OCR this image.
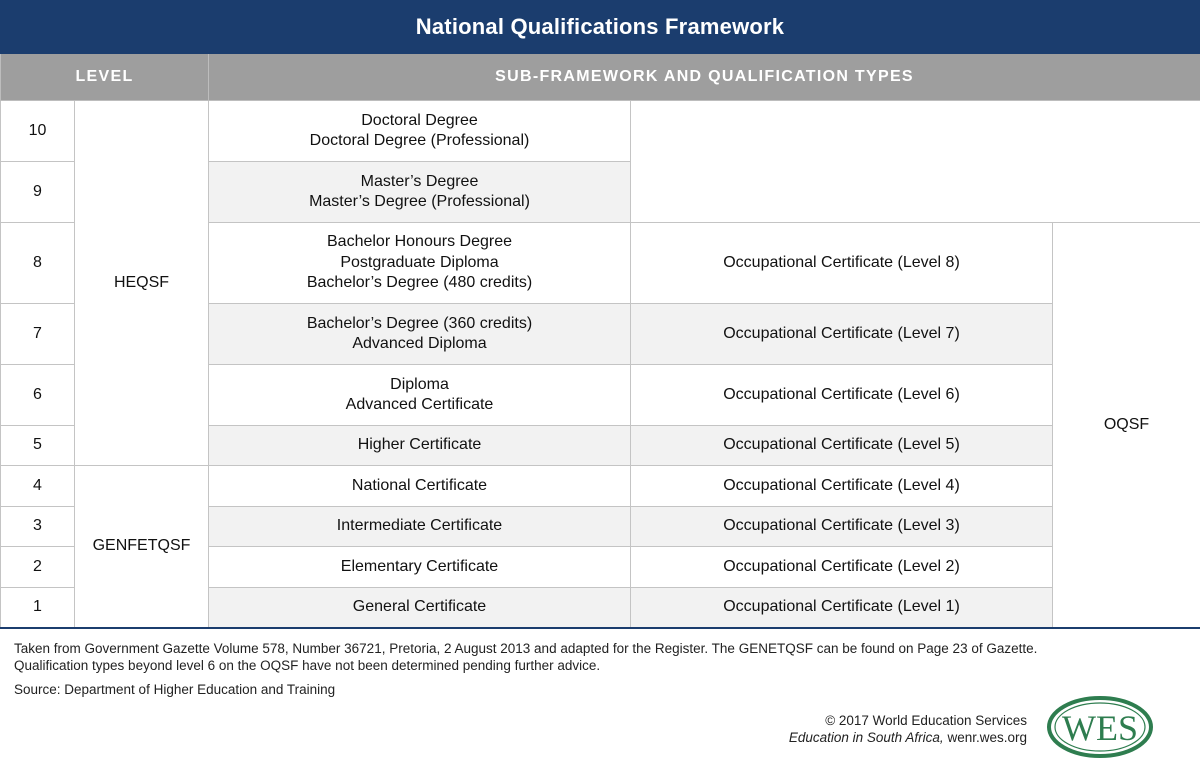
National Qualifications Framework
LEVEL		SUB-FRAMEWORK AND QUALIFICATION TYPES		
10	HEQSF	Doctoral Degree
Doctoral Degree (Professional)		

9		Master’s Degree
Master’s Degree (Professional)		

8		Bachelor Honours Degree
Postgraduate Diploma
Bachelor’s Degree (480 credits)	Occupational Certificate (Level 8)	OQSF
7		Bachelor’s Degree (360 credits)
Advanced Diploma	Occupational Certificate (Level 7)	
6		Diploma
Advanced Certificate	Occupational Certificate (Level 6)	
5		Higher Certificate	Occupational Certificate (Level 5)	
4	GENFETQSF	National Certificate	Occupational Certificate (Level 4)	
3		Intermediate Certificate	Occupational Certificate (Level 3)	
2		Elementary Certificate	Occupational Certificate (Level 2)	
1		General Certificate	Occupational Certificate (Level 1)	
Taken from Government Gazette Volume 578, Number 36721, Pretoria, 2 August 2013 and adapted for the Register. The GENETQSF can be found on Page 23 of Gazette.
Qualification types beyond level 6 on the OQSF have not been determined pending further advice.
Source: Department of Higher Education and Training
© 2017 World Education Services
Education in South Africa, wenr.wes.org WES
